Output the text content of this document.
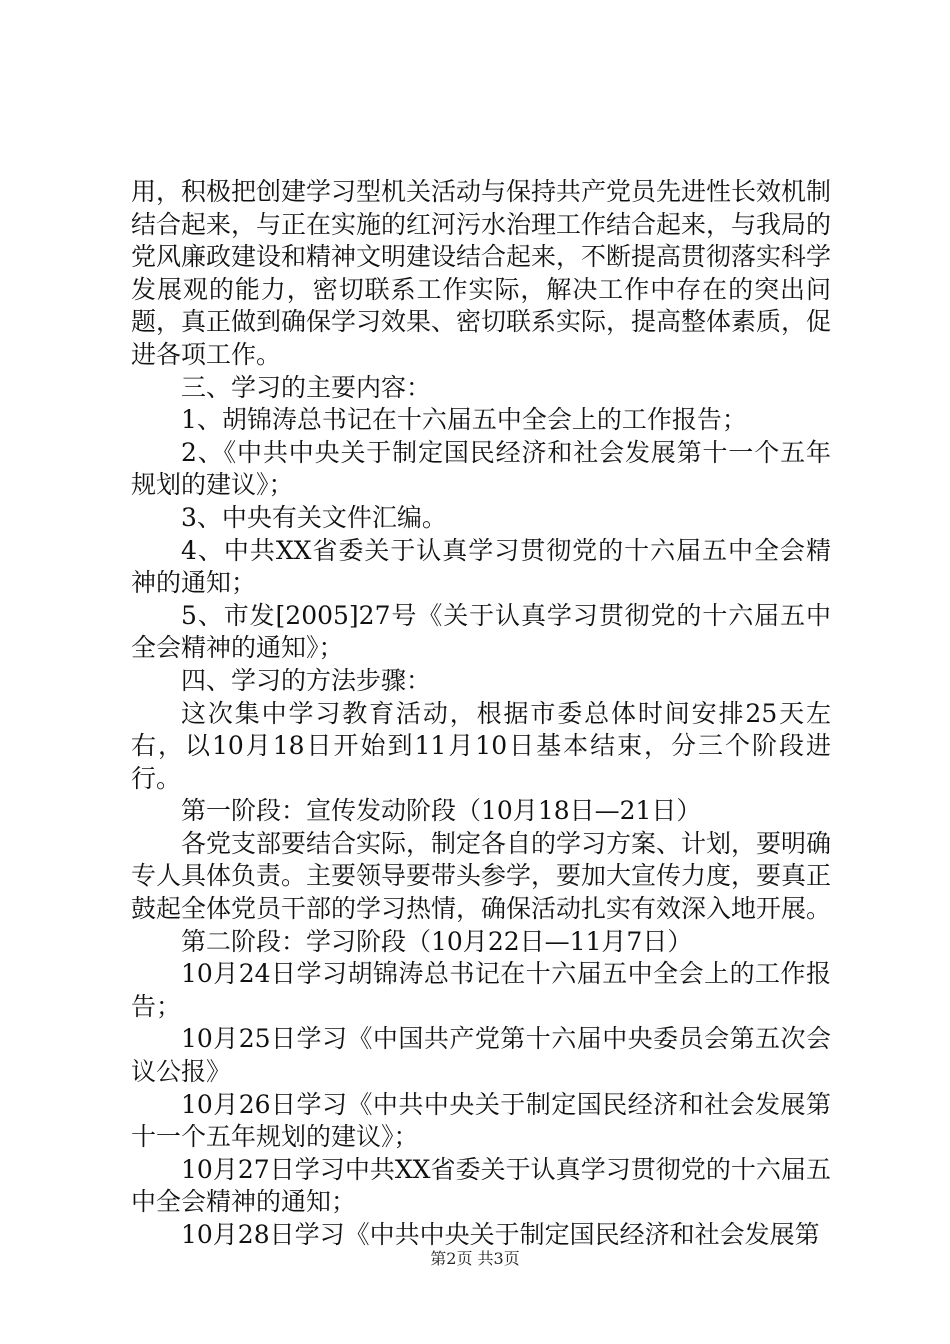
用，积极把创建学习型机关活动与保持共产党员先进性长效机制结合起来，与正在实施的红河污水治理工作结合起来，与我局的党风廉政建设和精神文明建设结合起来，不断提高贯彻落实科学发展观的能力，密切联系工作实际，解决工作中存在的突出问题，真正做到确保学习效果、密切联系实际，提高整体素质，促进各项工作。

三、学习的主要内容：

1、胡锦涛总书记在十六届五中全会上的工作报告；

2、《中共中央关于制定国民经济和社会发展第十一个五年规划的建议》；

3、中央有关文件汇编。

4、中共XX省委关于认真学习贯彻党的十六届五中全会精神的通知；

5、市发[2005]27号《关于认真学习贯彻党的十六届五中全会精神的通知》；

四、学习的方法步骤：

这次集中学习教育活动，根据市委总体时间安排25天左右，以10月18日开始到11月10日基本结束，分三个阶段进行。

第一阶段：宣传发动阶段（10月18日—21日）

各党支部要结合实际，制定各自的学习方案、计划，要明确专人具体负责。主要领导要带头参学，要加大宣传力度，要真正鼓起全体党员干部的学习热情，确保活动扎实有效深入地开展。

第二阶段：学习阶段（10月22日—11月7日）

10月24日学习胡锦涛总书记在十六届五中全会上的工作报告；

10月25日学习《中国共产党第十六届中央委员会第五次会议公报》

10月26日学习《中共中央关于制定国民经济和社会发展第十一个五年规划的建议》；

10月27日学习中共XX省委关于认真学习贯彻党的十六届五中全会精神的通知；

10月28日学习《中共中央关于制定国民经济和社会发展第

第2页 共3页
